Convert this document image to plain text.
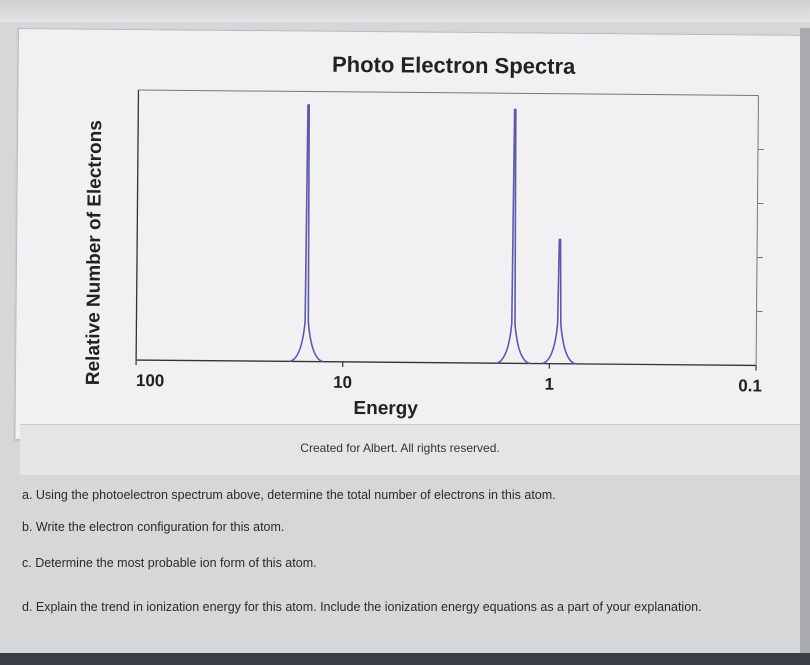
100	10	1	0.1
Photo Electron Spectra
Energy
Relative Number of Electrons
Created for Albert. All rights reserved.
a. Using the photoelectron spectrum above, determine the total number of electrons in this atom.
b. Write the electron configuration for this atom.
c. Determine the most probable ion form of this atom.
d. Explain the trend in ionization energy for this atom. Include the ionization energy equations as a part of your explanation.
